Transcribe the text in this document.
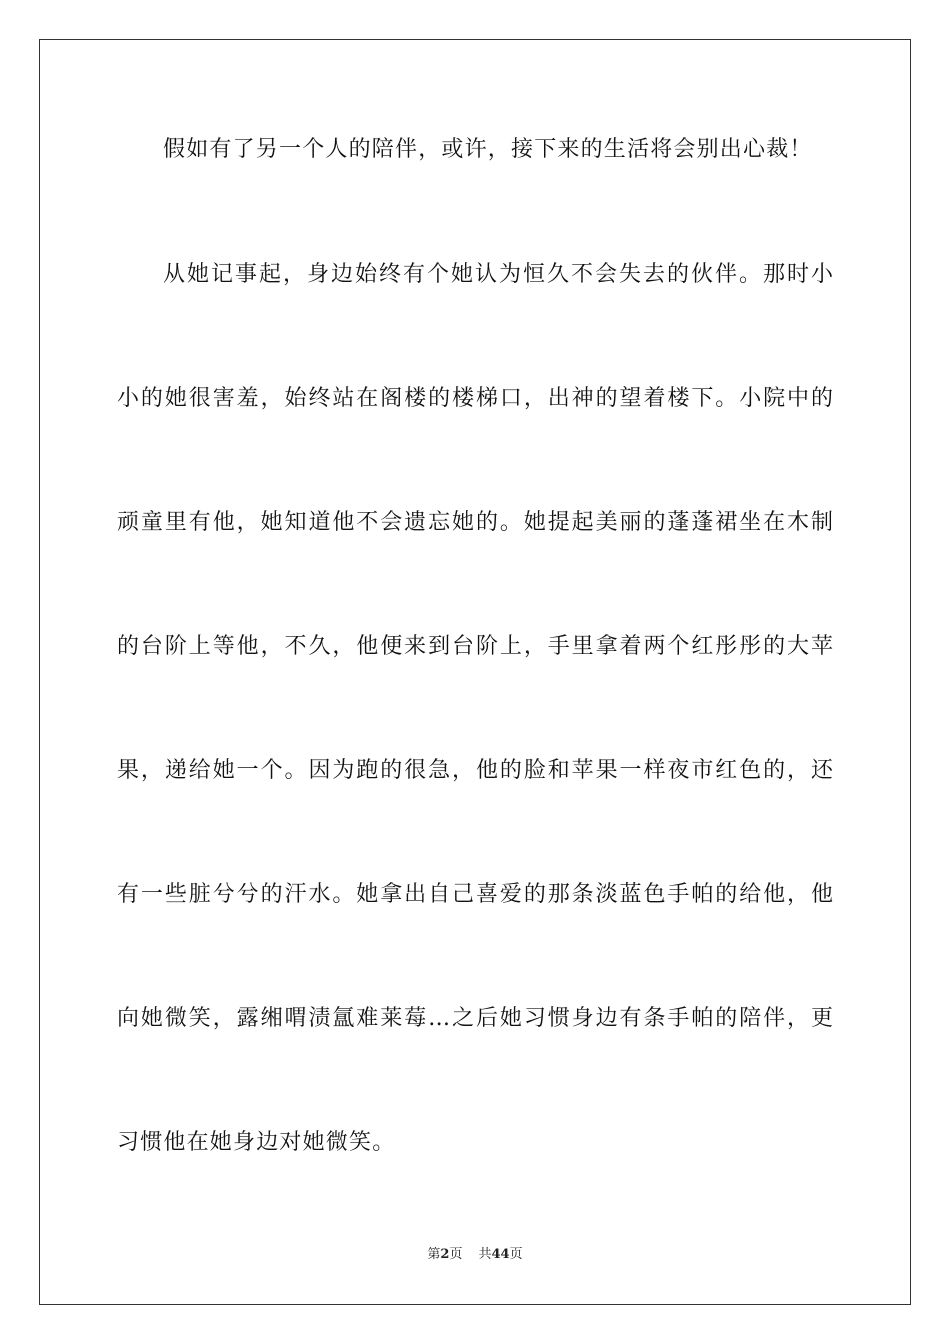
假如有了另一个人的陪伴，或许，接下来的生活将会别出心裁！
从她记事起，身边始终有个她认为恒久不会失去的伙伴。那时小
小的她很害羞，始终站在阁楼的楼梯口，出神的望着楼下。小院中的
顽童里有他，她知道他不会遗忘她的。她提起美丽的蓬蓬裙坐在木制
的台阶上等他，不久，他便来到台阶上，手里拿着两个红彤彤的大苹
果，递给她一个。因为跑的很急，他的脸和苹果一样夜市红色的，还
有一些脏兮兮的汗水。她拿出自己喜爱的那条淡蓝色手帕的给他，他
向她微笑，露缃喟渍氲难莱莓…之后她习惯身边有条手帕的陪伴，更
习惯他在她身边对她微笑。
第2页 共44页
